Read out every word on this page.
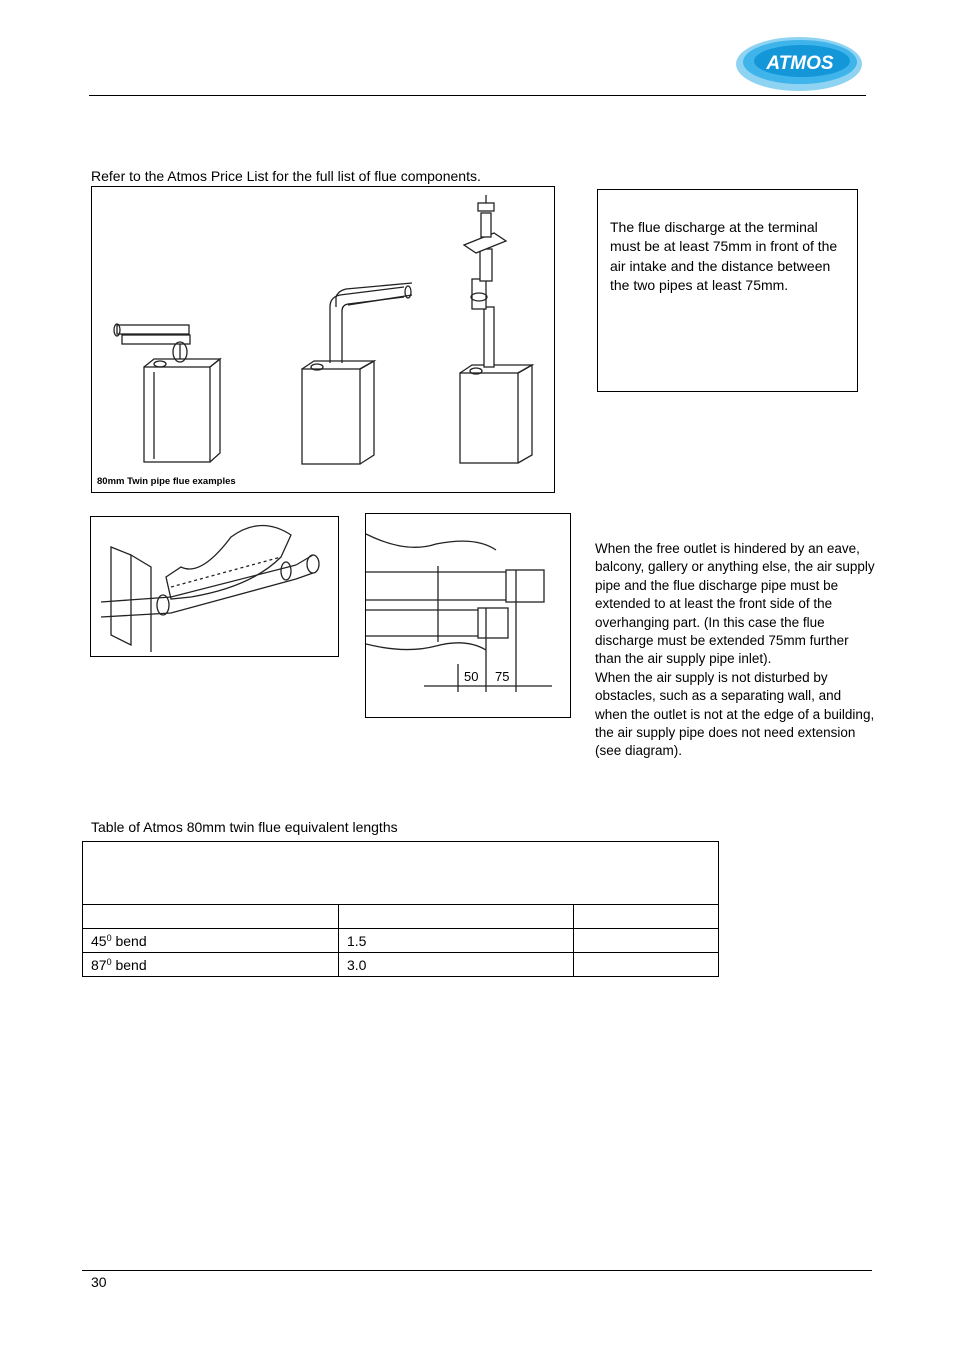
ATMOS
Refer to the Atmos Price List for the full list of flue components.
80mm Twin pipe flue examples
The flue discharge at the terminal must be at least 75mm in front of the air intake and the distance between the two pipes at least 75mm.
50 75
When the free outlet is hindered by an eave, balcony, gallery or anything else, the air supply pipe and the flue discharge pipe must be extended to at least the front side of the overhanging part. (In this case the flue discharge must be extended 75mm further than the air supply pipe inlet).
When the air supply is not disturbed by obstacles, such as a separating wall, and when the outlet is not at the edge of a building, the air supply pipe does not need extension (see diagram).
Table of Atmos 80mm twin flue equivalent lengths

$45^0$ bend	1.5	
$87^0$ bend	3.0	
30
